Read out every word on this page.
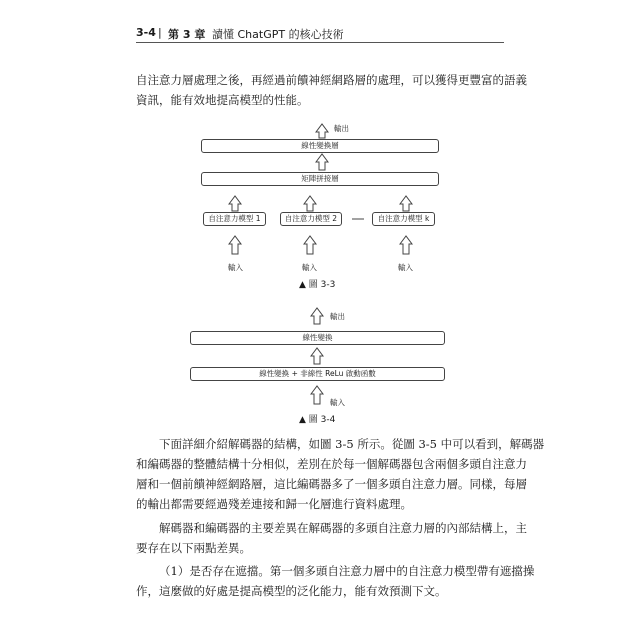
3-4 | 第 3 章 讀懂 ChatGPT 的核心技術
自注意力層處理之後，再經過前饋神經網路層的處理，可以獲得更豐富的語義
資訊，能有效地提高模型的性能。
輸出
線性變換層
矩陣拼接層
自注意力模型 1	自注意力模型 2	自注意力模型 k
輸入	輸入	輸入
▲ 圖 3-3
輸出
線性變換
線性變換 + 非線性 ReLu 啟動函數
輸入
▲ 圖 3-4
下面詳細介紹解碼器的結構，如圖 3-5 所示。從圖 3-5 中可以看到，解碼器
和編碼器的整體結構十分相似，差別在於每一個解碼器包含兩個多頭自注意力
層和一個前饋神經網路層，這比編碼器多了一個多頭自注意力層。同樣，每層
的輸出都需要經過殘差連接和歸一化層進行資料處理。
解碼器和編碼器的主要差異在解碼器的多頭自注意力層的內部結構上，主
要存在以下兩點差異。
（1）是否存在遮擋。第一個多頭自注意力層中的自注意力模型帶有遮擋操
作，這麼做的好處是提高模型的泛化能力，能有效預測下文。
